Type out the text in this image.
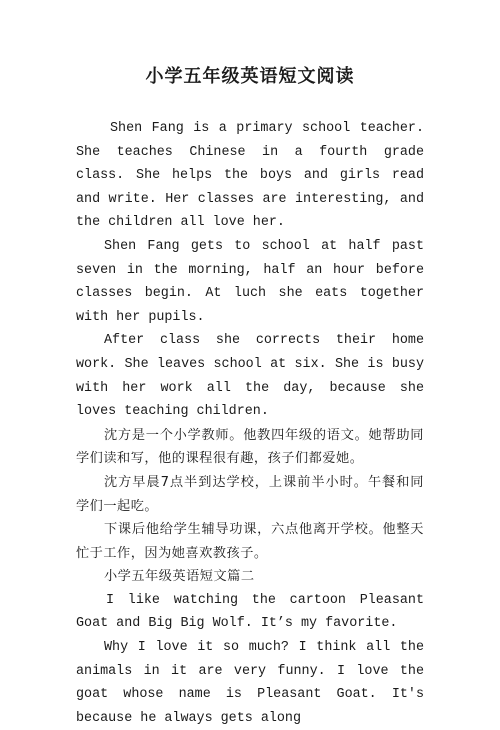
小学五年级英语短文阅读

Shen Fang is a primary school teacher. She teaches Chinese in a fourth grade class. She helps the boys and girls read and write. Her classes are interesting, and the children all love her.

Shen Fang gets to school at half past seven in the morning, half an hour before classes begin. At luch she eats together with her pupils.

After class she corrects their home work. She leaves school at six. She is busy with her work all the day, because she loves teaching children.

沈方是一个小学教师。他教四年级的语文。她帮助同学们读和写，他的课程很有趣，孩子们都爱她。

沈方早晨7点半到达学校，上课前半小时。午餐和同学们一起吃。

下课后他给学生辅导功课，六点他离开学校。他整天忙于工作，因为她喜欢教孩子。

小学五年级英语短文篇二

I like watching the cartoon Pleasant Goat and Big Big Wolf. It’s my favorite.

Why I love it so much? I think all the animals in it are very funny. I love the goat whose name is Pleasant Goat. It's because he always gets along
